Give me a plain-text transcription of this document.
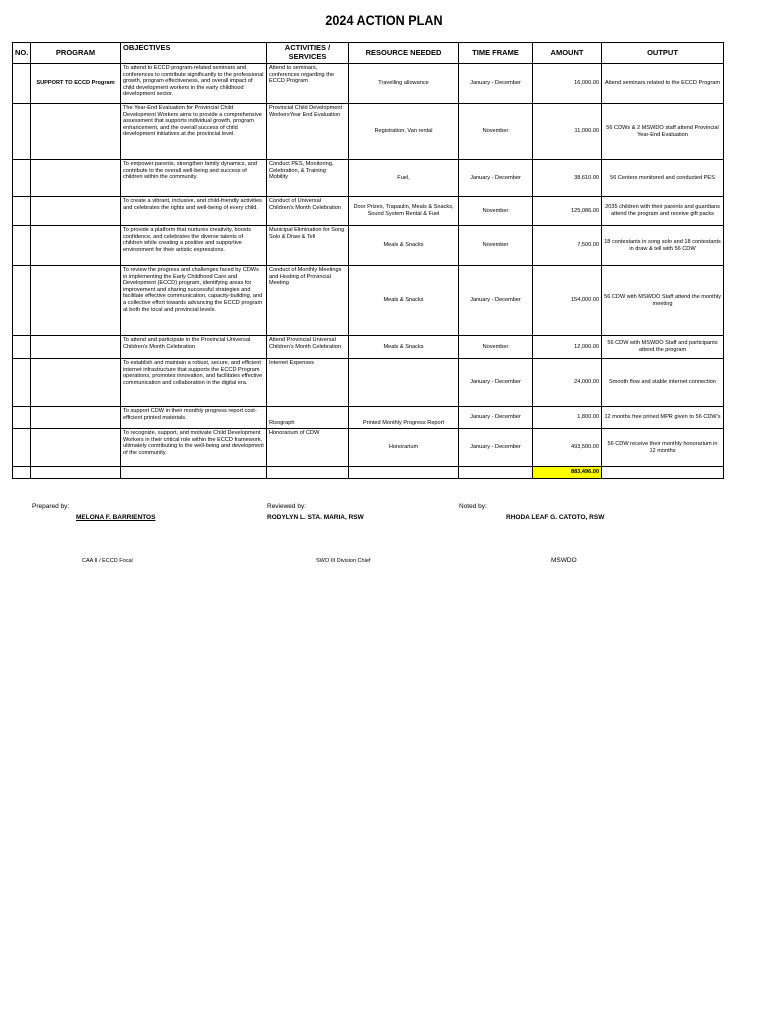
2024 ACTION PLAN
NO.	PROGRAM	OBJECTIVES	ACTIVITIES / SERVICES	RESOURCE NEEDED	TIME FRAME	AMOUNT	OUTPUT
	SUPPORT TO ECCD Program	To attend to ECCD program-related seminars and conferences to contribute significantly to the professional growth, program effectiveness, and overall impact of child development workers in the early childhood development sector.	Attend to seminars, conferences regarding the ECCD Program	Travelling allowance	January - December	16,000.00	Attend seminars related to the ECCD Program
		The Year-End Evaluation for Provincial Child Development Workers aims to provide a comprehensive assessment that supports individual growth, program enhancement, and the overall success of child development initiatives at the provincial level.	Provincial Child Development WorkersYear End Evaluation	Registration, Van rental	November	11,000.00	56 CDWs & 2 MSWDO staff attend Provincial Year-End Evaluation
		To empower parents, strengthen family dynamics, and contribute to the overall well-being and success of children within the community.	Conduct PES, Monitoring, Celebration, & Training Mobility	Fuel,	January - December	38,610.00	56 Centers monitored and conducted PES
		To create a vibrant, inclusive, and child-friendly activities and celebrates the rights and well-being of every child.	Conduct of Universal Children's Month Celebration	Door Prizes, Trapaulin, Meals & Snacks, Sound System Rental & Fuel	November	125,086.00	2035 children with their parents and guardians attend the program and receive gift packs
		To provide a platform that nurtures creativity, boosts confidence, and celebrates the diverse talents of children while creating a positive and supportive environment for their artistic expressions.	Municipal Elimination for Song Solo & Draw & Tell	Meals & Snacks	November	7,500.00	18 contestants in song solo and 18 contestants in draw & tell with 56 CDW
		To review the progress and challenges faced by CDWs in implementing the Early Childhood Care and Development (ECCD) program, identifying areas for improvement and sharing successful strategies and facilitate effective communication, capacity-building, and a collective effort towards advancing the ECCD program at both the local and provincial levels.	Conduct of Monthly Meetings and Hosting of Provincial Meeting	Meals & Snacks	January - December	154,000.00	56 CDW with MSWDO Staff attend the monthly meeting
		To attend and participate in the Provincial Universal Children's Month Celebration	Attend Provincial Universal Children's Month Celebration	Meals & Snacks	November	12,000.00	56 CDW with MSWDO Staff and participants attend the program
		To establish and maintain a robust, secure, and efficient internet infrastructure that supports the ECCD Program operations, promotes innovation, and facilitates effective communication and collaboration in the digital era.	Internet Expenses		January - December	24,000.00	Smooth flow and stable internet connection
		To support CDW in their monthly progress report cost-efficient printed materials.	Risograph	Printed Monthly Progress Report	January - December	1,800.00	12 months free prined MPR given to 56 CDW's
		To recognize, support, and motivate Child Development Workers in their critical role within the ECCD framework, ultimately contributing to the well-being and development of the community.	Honorarium of CDW	Honorarium	January - December	493,500.00	56 CDW receive their monthly honorarium in 12 months
						883,496.00	
Prepared by:
MELONA F. BARRIENTOS
CAA II / ECCD Focal
Reviewed by:
RODYLYN L. STA. MARIA, RSW
SWO III Division Chief
Noted by:
RHODA LEAF G. CATOTO, RSW
MSWDO
